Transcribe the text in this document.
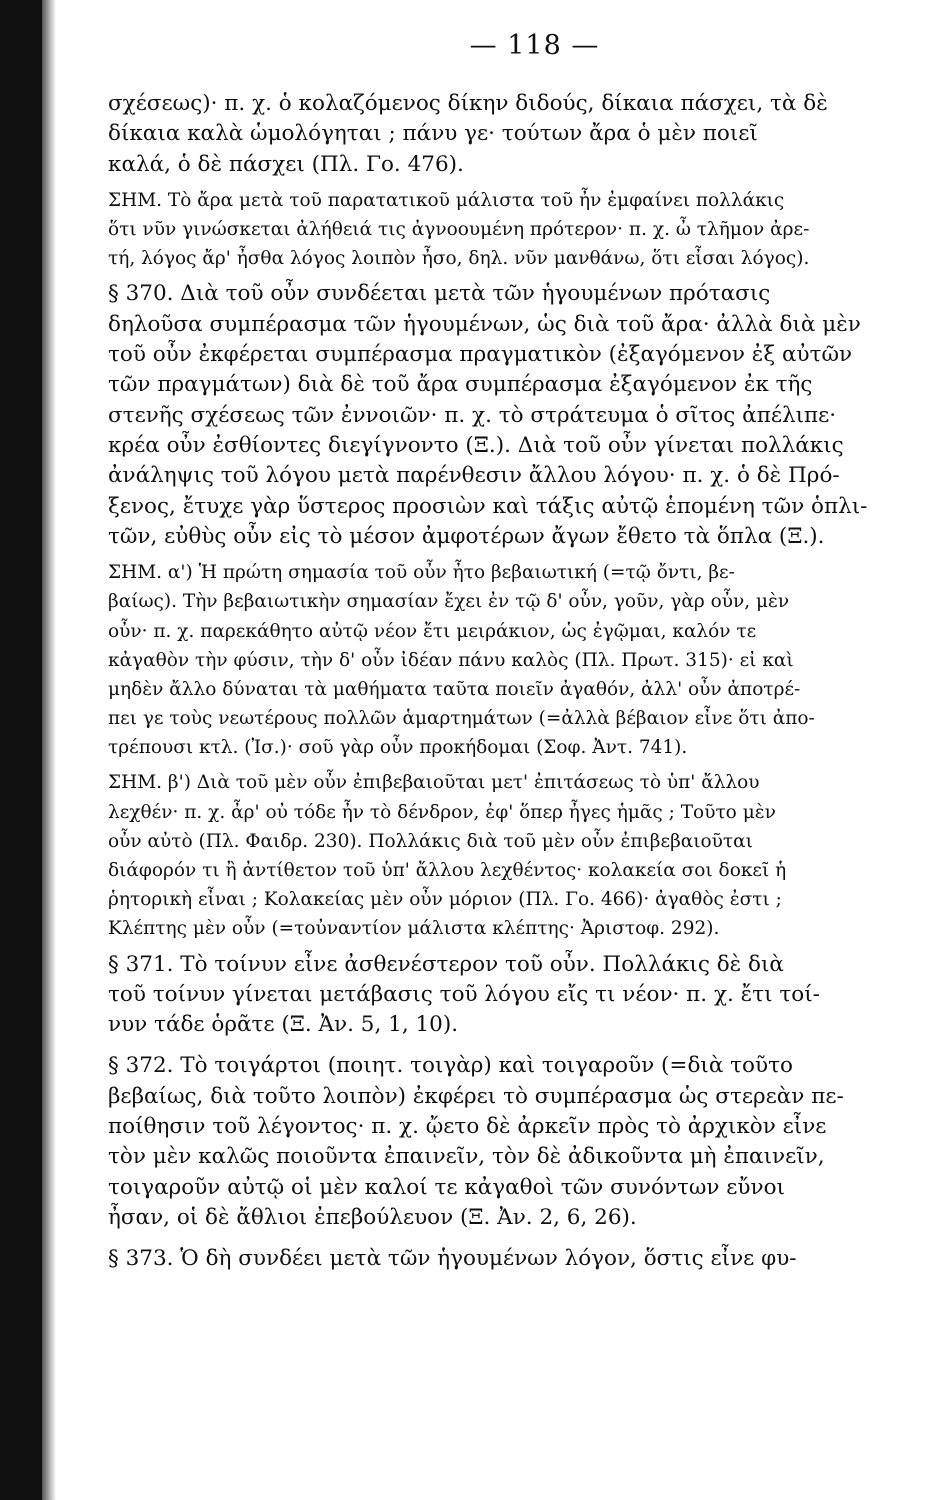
— 118 —
σχέσεως)· π. χ. ὁ κολαζόμενος δίκην διδούς, δίκαια πάσχει, τὰ δὲ
δίκαια καλὰ ὡμολόγηται ; πάνυ γε· τούτων ἄρα ὁ μὲν ποιεῖ
καλά, ὁ δὲ πάσχει (Πλ. Γο. 476).
ΣΗΜ. Τὸ ἄρα μετὰ τοῦ παρατατικοῦ μάλιστα τοῦ ἦν ἐμφαίνει πολλάκις
ὅτι νῦν γινώσκεται ἀλήθειά τις ἀγνοουμένη πρότερον· π. χ. ὦ τλῆμον ἀρε-
τή, λόγος ἄρ' ἦσθα λόγος λοιπὸν ἦσο, δηλ. νῦν μανθάνω, ὅτι εἶσαι λόγος).
§ 370. Διὰ τοῦ οὖν συνδέεται μετὰ τῶν ἡγουμένων πρότασις
δηλοῦσα συμπέρασμα τῶν ἡγουμένων, ὡς διὰ τοῦ ἄρα· ἀλλὰ διὰ μὲν
τοῦ οὖν ἐκφέρεται συμπέρασμα πραγματικὸν (ἐξαγόμενον ἐξ αὐτῶν
τῶν πραγμάτων) διὰ δὲ τοῦ ἄρα συμπέρασμα ἐξαγόμενον ἐκ τῆς
στενῆς σχέσεως τῶν ἐννοιῶν· π. χ. τὸ στράτευμα ὁ σῖτος ἀπέλιπε·
κρέα οὖν ἐσθίοντες διεγίγνοντο (Ξ.). Διὰ τοῦ οὖν γίνεται πολλάκις
ἀνάληψις τοῦ λόγου μετὰ παρένθεσιν ἄλλου λόγου· π. χ. ὁ δὲ Πρό-
ξενος, ἔτυχε γὰρ ὕστερος προσιὼν καὶ τάξις αὐτῷ ἑπομένη τῶν ὁπλι-
τῶν, εὐθὺς οὖν εἰς τὸ μέσον ἀμφοτέρων ἄγων ἔθετο τὰ ὅπλα (Ξ.).
ΣΗΜ. α') Ἡ πρώτη σημασία τοῦ οὖν ἦτο βεβαιωτική (=τῷ ὄντι, βε-
βαίως). Τὴν βεβαιωτικὴν σημασίαν ἔχει ἐν τῷ δ' οὖν, γοῦν, γὰρ οὖν, μὲν
οὖν· π. χ. παρεκάθητο αὐτῷ νέον ἔτι μειράκιον, ὡς ἐγῷμαι, καλόν τε
κἀγαθὸν τὴν φύσιν, τὴν δ' οὖν ἰδέαν πάνυ καλὸς (Πλ. Πρωτ. 315)· εἰ καὶ
μηδὲν ἄλλο δύναται τὰ μαθήματα ταῦτα ποιεῖν ἀγαθόν, ἀλλ' οὖν ἀποτρέ-
πει γε τοὺς νεωτέρους πολλῶν ἁμαρτημάτων (=ἀλλὰ βέβαιον εἶνε ὅτι ἀπο-
τρέπουσι κτλ. (Ἰσ.)· σοῦ γὰρ οὖν προκήδομαι (Σοφ. Ἀντ. 741).
ΣΗΜ. β') Διὰ τοῦ μὲν οὖν ἐπιβεβαιοῦται μετ' ἐπιτάσεως τὸ ὑπ' ἄλλου
λεχθέν· π. χ. ἆρ' οὐ τόδε ἦν τὸ δένδρον, ἐφ' ὅπερ ἦγες ἡμᾶς ; Τοῦτο μὲν
οὖν αὐτὸ (Πλ. Φαιδρ. 230). Πολλάκις διὰ τοῦ μὲν οὖν ἐπιβεβαιοῦται
διάφορόν τι ἢ ἀντίθετον τοῦ ὑπ' ἄλλου λεχθέντος· κολακεία σοι δοκεῖ ἡ
ῥητορικὴ εἶναι ; Κολακείας μὲν οὖν μόριον (Πλ. Γο. 466)· ἀγαθὸς ἐστι ;
Κλέπτης μὲν οὖν (=τοὐναντίον μάλιστα κλέπτης· Ἀριστοφ. 292).
§ 371. Τὸ τοίνυν εἶνε ἀσθενέστερον τοῦ οὖν. Πολλάκις δὲ διὰ
τοῦ τοίνυν γίνεται μετάβασις τοῦ λόγου εἴς τι νέον· π. χ. ἔτι τοί-
νυν τάδε ὁρᾶτε (Ξ. Ἀν. 5, 1, 10).
§ 372. Τὸ τοιγάρτοι (ποιητ. τοιγὰρ) καὶ τοιγαροῦν (=διὰ τοῦτο
βεβαίως, διὰ τοῦτο λοιπὸν) ἐκφέρει τὸ συμπέρασμα ὡς στερεὰν πε-
ποίθησιν τοῦ λέγοντος· π. χ. ᾤετο δὲ ἀρκεῖν πρὸς τὸ ἀρχικὸν εἶνε
τὸν μὲν καλῶς ποιοῦντα ἐπαινεῖν, τὸν δὲ ἀδικοῦντα μὴ ἐπαινεῖν,
τοιγαροῦν αὐτῷ οἱ μὲν καλοί τε κἀγαθοὶ τῶν συνόντων εὔνοι
ἦσαν, οἱ δὲ ἄθλιοι ἐπεβούλευον (Ξ. Ἀν. 2, 6, 26).
§ 373. Ὁ δὴ συνδέει μετὰ τῶν ἡγουμένων λόγον, ὅστις εἶνε φυ-
